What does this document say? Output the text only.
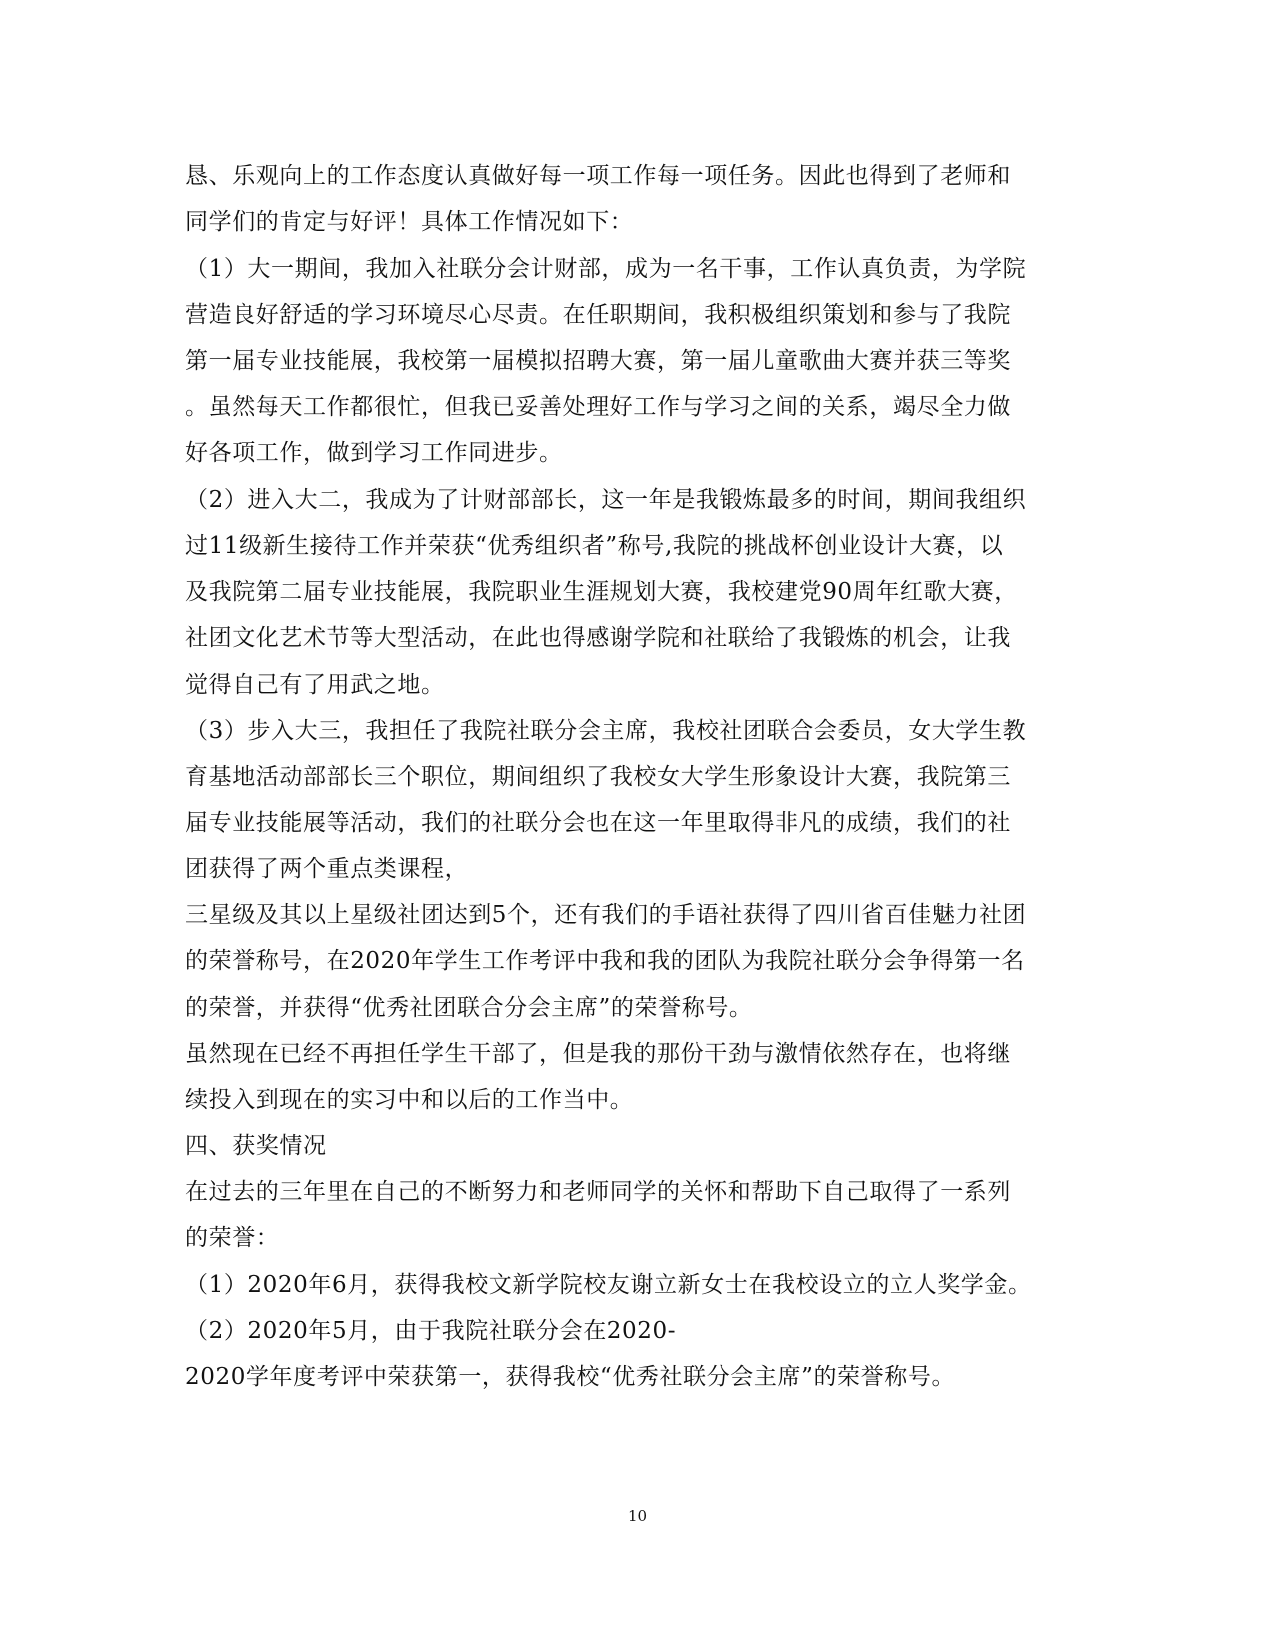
恳、乐观向上的工作态度认真做好每一项工作每一项任务。因此也得到了老师和
同学们的肯定与好评！具体工作情况如下：
（1）大一期间，我加入社联分会计财部，成为一名干事，工作认真负责，为学院
营造良好舒适的学习环境尽心尽责。在任职期间，我积极组织策划和参与了我院
第一届专业技能展，我校第一届模拟招聘大赛，第一届儿童歌曲大赛并获三等奖
。虽然每天工作都很忙，但我已妥善处理好工作与学习之间的关系，竭尽全力做
好各项工作，做到学习工作同进步。
（2）进入大二，我成为了计财部部长，这一年是我锻炼最多的时间，期间我组织
过11级新生接待工作并荣获“优秀组织者”称号,我院的挑战杯创业设计大赛，以
及我院第二届专业技能展，我院职业生涯规划大赛，我校建党90周年红歌大赛，
社团文化艺术节等大型活动，在此也得感谢学院和社联给了我锻炼的机会，让我
觉得自己有了用武之地。
（3）步入大三，我担任了我院社联分会主席，我校社团联合会委员，女大学生教
育基地活动部部长三个职位，期间组织了我校女大学生形象设计大赛，我院第三
届专业技能展等活动，我们的社联分会也在这一年里取得非凡的成绩，我们的社
团获得了两个重点类课程，
三星级及其以上星级社团达到5个，还有我们的手语社获得了四川省百佳魅力社团
的荣誉称号，在2020年学生工作考评中我和我的团队为我院社联分会争得第一名
的荣誉，并获得“优秀社团联合分会主席”的荣誉称号。
虽然现在已经不再担任学生干部了，但是我的那份干劲与激情依然存在，也将继
续投入到现在的实习中和以后的工作当中。
四、获奖情况
在过去的三年里在自己的不断努力和老师同学的关怀和帮助下自己取得了一系列
的荣誉：
（1）2020年6月，获得我校文新学院校友谢立新女士在我校设立的立人奖学金。
（2）2020年5月，由于我院社联分会在2020-
2020学年度考评中荣获第一，获得我校“优秀社联分会主席”的荣誉称号。
10
